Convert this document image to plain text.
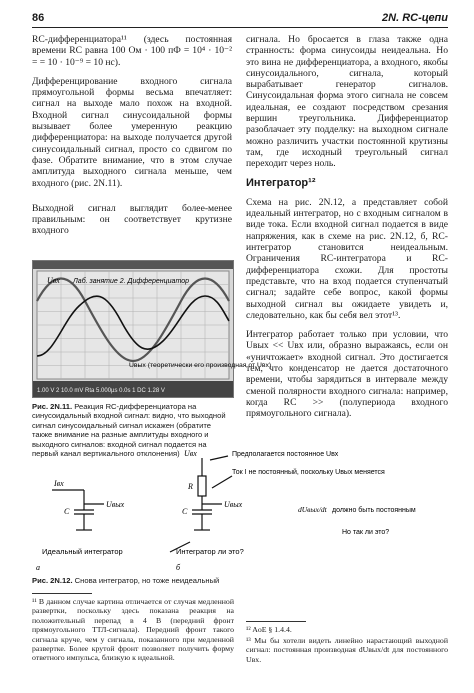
86	2N. RC-цепи

RC-дифференциатора¹¹ (здесь постоянная времени RC равна 100 Ом · 100 пФ = 10⁴ · 10⁻² = = 10 · 10⁻⁹ = 10 нс).

Дифференцирование входного сигнала прямоугольной формы весьма впечатляет: сигнал на выходе мало похож на входной. Входной сигнал синусоидальной формы вызывает более умеренную реакцию дифференциатора: на выходе получается другой синусоидальный сигнал, просто со сдвигом по фазе. Обратите внимание, что в этом случае амплитуда выходного сигнала меньше, чем входного (рис. 2N.11).

Выходной сигнал выглядит более-менее правильным: он соответствует крутизне входного

Uвх Лаб. занятие 2. Дифференциатор
Uвых (теоретически его производная от Uвх)
1.00 V 2 10.0 mV Rta 5.000µs 0.0s 1 DC 1.28 V
Рис. 2N.11. Реакция RC-дифференциатора на синусоидальный входной сигнал: видно, что выходной сигнал синусоидальный сигнал искажен (обратите также внимание на разные амплитуды входного и выходного сигналов: входной сигнал подается на первый канал вертикального отклонения)

сигнала. Но бросается в глаза также одна странность: форма синусоиды неидеальна. Но это вина не дифференциатора, а входного, якобы синусоидального, сигнала, который вырабатывает генератор сигналов. Синусоидальная форма этого сигнала не совсем идеальная, ее создают посредством срезания вершин треугольника. Дифференциатор разоблачает эту подделку: на выходном сигнале можно различить участки постоянной крутизны там, где исходный треугольный сигнал переходит через ноль.

Интегратор¹²

Схема на рис. 2N.12, а представляет собой идеальный интегратор, но с входным сигналом в виде тока. Если входной сигнал подается в виде напряжения, как в схеме на рис. 2N.12, б, RC-интегратор становится неидеальным. Ограничения RC-интегратора и RC-дифференциатора схожи. Для простоты представьте, что на вход подается ступенчатый сигнал; задайте себе вопрос, какой формы выходной сигнал вы ожидаете увидеть и, следовательно, как бы себя вел этот¹³.

Интегратор работает только при условии, что Uвых << Uвх или, образно выражаясь, если он «уничтожает» входной сигнал. Это достигается тем, что конденсатор не дается достаточного времени, чтобы зарядиться в интервале между сменой полярности входного сигнала: например, когда RC >> (полупериода входного прямоугольного сигнала).

Iвх
Uвых
C
Uвх
R
Uвых
C
Предполагается постоянное Uвх
Ток I не постоянный, поскольку Uвых меняется
dUвых/dt должно быть постоянным
Но так ли это?
Идеальный интегратор	Интегратор ли это?
а	б
Рис. 2N.12. Снова интегратор, но тоже неидеальный
¹¹ В данном случае картина отличается от случая медленной развертки, поскольку здесь показана реакция на положительный перепад в 4 В (передний фронт прямоугольного ТТЛ-сигнала). Передний фронт такого сигнала круче, чем у сигнала, показанного при медленной развертке. Более крутой фронт позволяет получить форму ответного импульса, близкую к идеальной.
¹² AoE § 1.4.4.
¹³ Мы бы хотели видеть линейно нарастающий выходной сигнал: постоянная производная dUвых/dt для постоянного Uвх.
